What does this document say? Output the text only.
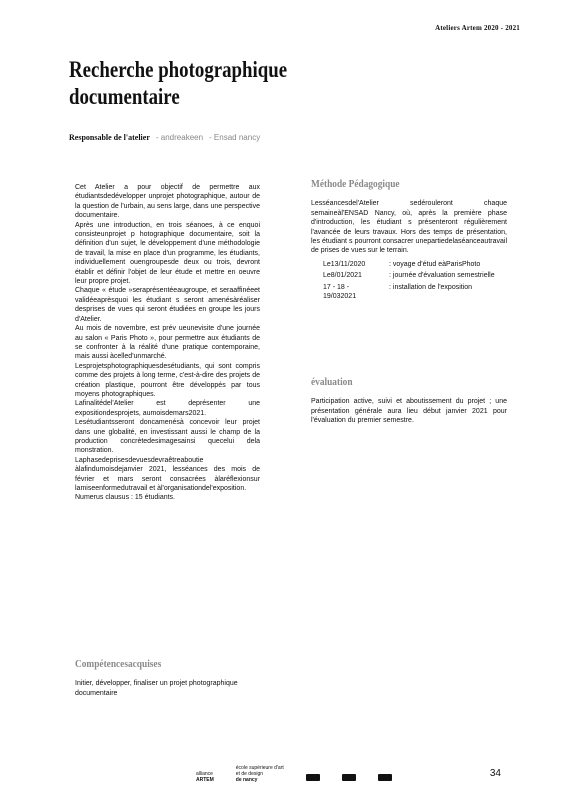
Ateliers Artem 2020 - 2021
Recherche photographique
documentaire
Responsable de l'atelier - andreakeen - Ensad nancy

Cet Atelier a pour objectif de permettre aux étudiantsdedévelopper unprojet photographique, autour de la question de l'urbain, au sens large, dans une perspective documentaire.

Après une introduction, en trois séanoes, à ce enquoi consisteunprojet p hotographique documentaire, soit la définition d'un sujet, le développement d'une méthodologie de travail, la mise en place d'un programme, les étudiants, individuellement ouengroupesde deux ou trois, devront établir et définir l'objet de leur étude et mettre en oeuvre leur propre projet.

Chaque « étude »seraprésentéeaugroupe, et seraaffinéeet validéeaprèsquoi les étudiant s seront amenésàréaliser desprises de vues qui seront étudiées en groupe les jours d'Atelier.

Au mois de novembre, est prév ueunevisite d'une journée au salon « Paris Photo », pour permettre aux étudiants de se confronter à la réalité d'une pratique contemporaine, mais aussi àcelled'unmarché.

Lesprojetsphotographiquesdesétudiants, qui sont compris comme des projets à long terme, c'est-à-dire des projets de création plastique, pourront être développés par tous moyens photographiques.

Lafinalitédel'Atelier est deprésenter une expositiondesprojets, aumoisdemars2021.

Lesétudiantsseront doncamenésà concevoir leur projet dans une globalité, en investissant aussi le champ de la production concrètedesimagesainsi quecelui dela monstration.

Laphasedeprisesdevuesdevraêtreaboutie àlafindumoisdejanvier 2021, lesséances des mois de février et mars seront consacrées àlaréflexionsur lamiseenformedutravail et àl'organisationdel'exposition.

Numerus clausus : 15 étudiants.

Méthode Pédagogique

Lesséancesdel'Atelier sedérouleront chaque semaineàl'ENSAD Nancy, où, après la première phase d'introduction, les étudiant s présenteront régulièrement l'avancée de leurs travaux. Hors des temps de présentation, les étudiant s pourront consacrer unepartiedelaséanceautravail de prises de vues sur le terrain.

Le13/11/2020	: voyage d'étud eàParisPhoto
Le8/01/2021	: journée d'évaluation semestrielle
17 - 18 - 19/032021
: installation de l'exposition
évaluation

Participation active, suivi et aboutissement du projet ; une présentation générale aura lieu début janvier 2021 pour l'évaluation du premier semestre.

Compétencesacquises

Initier, développer, finaliser un projet photographique documentaire

alliance
ARTEM
école supérieure d'art et de design
de nancy
34
